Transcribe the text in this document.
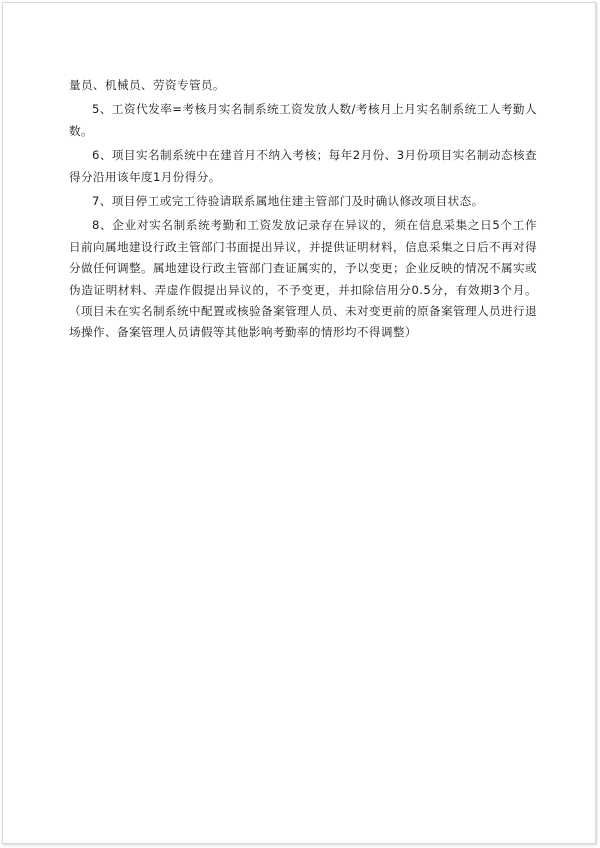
量员、机械员、劳资专管员。

5、工资代发率=考核月实名制系统工资发放人数/考核月上月实名制系统工人考勤人数。

6、项目实名制系统中在建首月不纳入考核；每年2月份、3月份项目实名制动态核查得分沿用该年度1月份得分。

7、项目停工或完工待验请联系属地住建主管部门及时确认修改项目状态。

8、企业对实名制系统考勤和工资发放记录存在异议的，须在信息采集之日5个工作日前向属地建设行政主管部门书面提出异议，并提供证明材料，信息采集之日后不再对得分做任何调整。属地建设行政主管部门查证属实的，予以变更；企业反映的情况不属实或伪造证明材料、弄虚作假提出异议的，不予变更，并扣除信用分0.5分，有效期3个月。（项目未在实名制系统中配置或核验备案管理人员、未对变更前的原备案管理人员进行退场操作、备案管理人员请假等其他影响考勤率的情形均不得调整）
